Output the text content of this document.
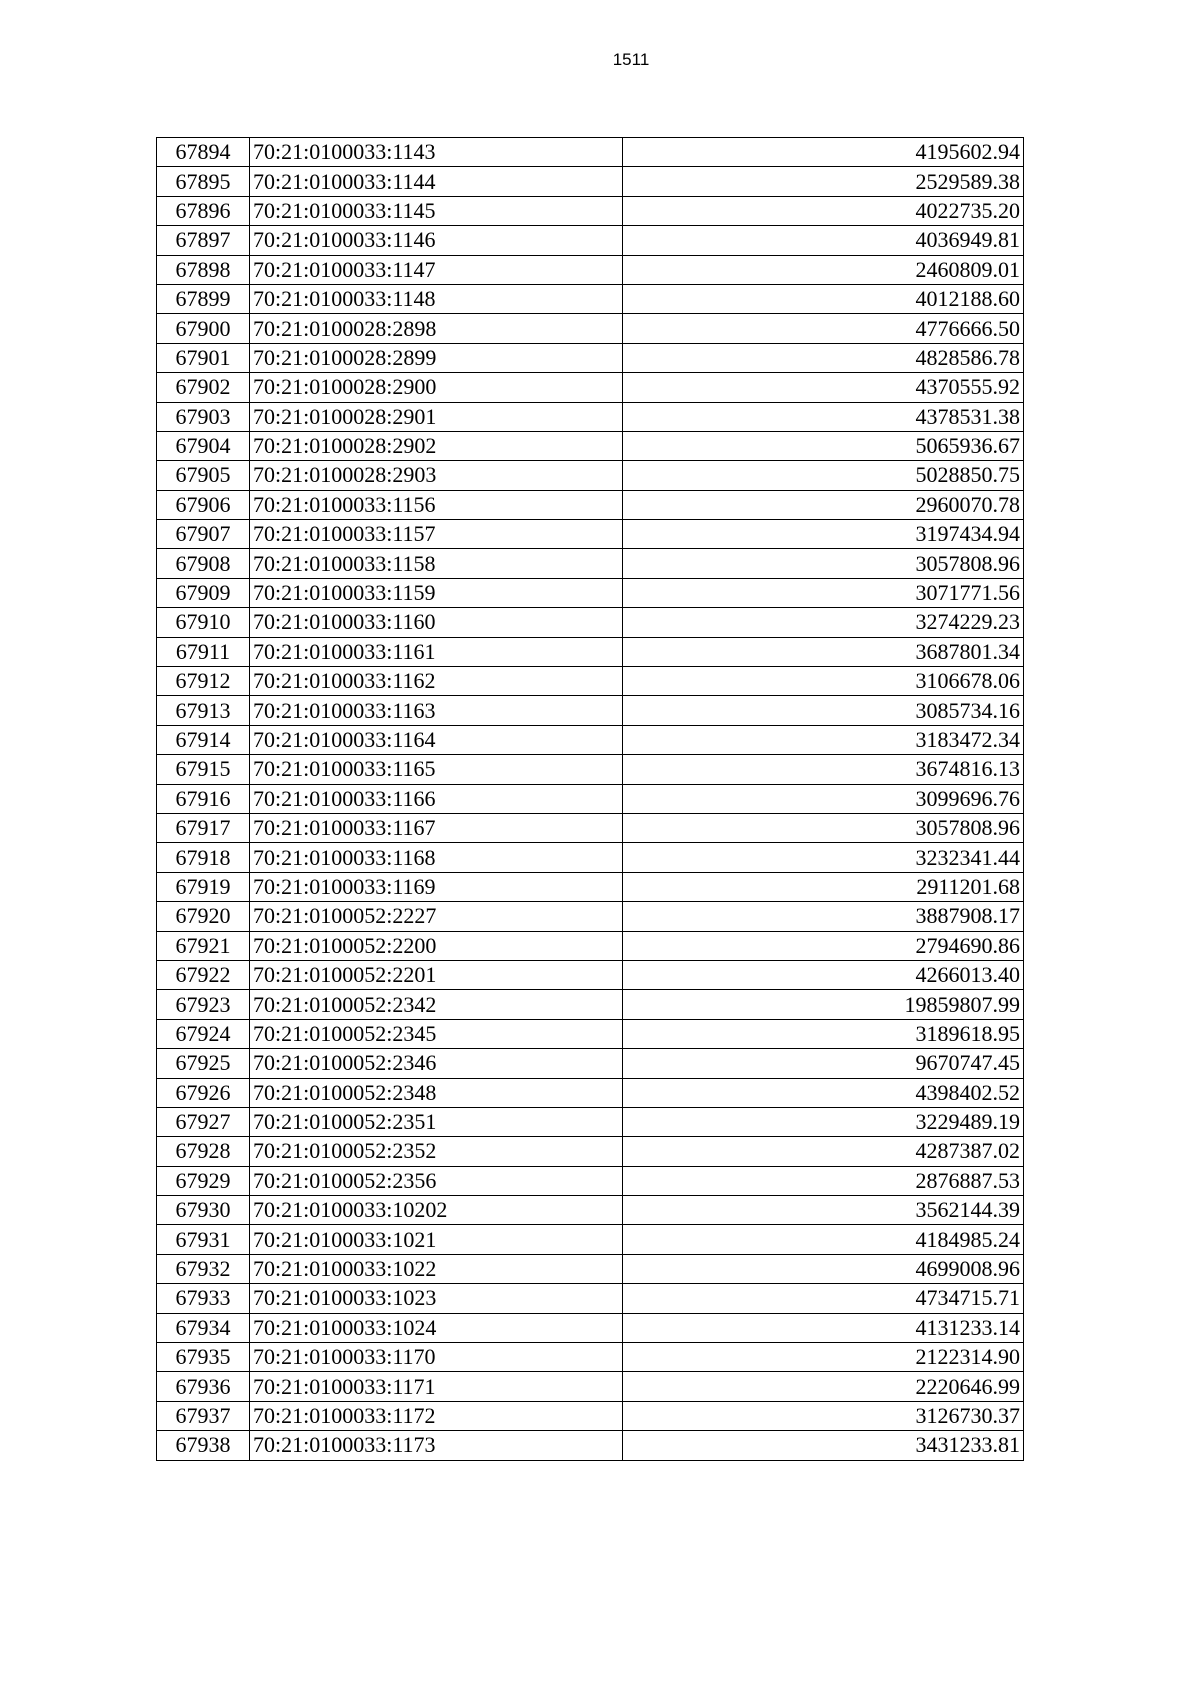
1511
67894	70:21:0100033:1143	4195602.94
67895	70:21:0100033:1144	2529589.38
67896	70:21:0100033:1145	4022735.20
67897	70:21:0100033:1146	4036949.81
67898	70:21:0100033:1147	2460809.01
67899	70:21:0100033:1148	4012188.60
67900	70:21:0100028:2898	4776666.50
67901	70:21:0100028:2899	4828586.78
67902	70:21:0100028:2900	4370555.92
67903	70:21:0100028:2901	4378531.38
67904	70:21:0100028:2902	5065936.67
67905	70:21:0100028:2903	5028850.75
67906	70:21:0100033:1156	2960070.78
67907	70:21:0100033:1157	3197434.94
67908	70:21:0100033:1158	3057808.96
67909	70:21:0100033:1159	3071771.56
67910	70:21:0100033:1160	3274229.23
67911	70:21:0100033:1161	3687801.34
67912	70:21:0100033:1162	3106678.06
67913	70:21:0100033:1163	3085734.16
67914	70:21:0100033:1164	3183472.34
67915	70:21:0100033:1165	3674816.13
67916	70:21:0100033:1166	3099696.76
67917	70:21:0100033:1167	3057808.96
67918	70:21:0100033:1168	3232341.44
67919	70:21:0100033:1169	2911201.68
67920	70:21:0100052:2227	3887908.17
67921	70:21:0100052:2200	2794690.86
67922	70:21:0100052:2201	4266013.40
67923	70:21:0100052:2342	19859807.99
67924	70:21:0100052:2345	3189618.95
67925	70:21:0100052:2346	9670747.45
67926	70:21:0100052:2348	4398402.52
67927	70:21:0100052:2351	3229489.19
67928	70:21:0100052:2352	4287387.02
67929	70:21:0100052:2356	2876887.53
67930	70:21:0100033:10202	3562144.39
67931	70:21:0100033:1021	4184985.24
67932	70:21:0100033:1022	4699008.96
67933	70:21:0100033:1023	4734715.71
67934	70:21:0100033:1024	4131233.14
67935	70:21:0100033:1170	2122314.90
67936	70:21:0100033:1171	2220646.99
67937	70:21:0100033:1172	3126730.37
67938	70:21:0100033:1173	3431233.81
